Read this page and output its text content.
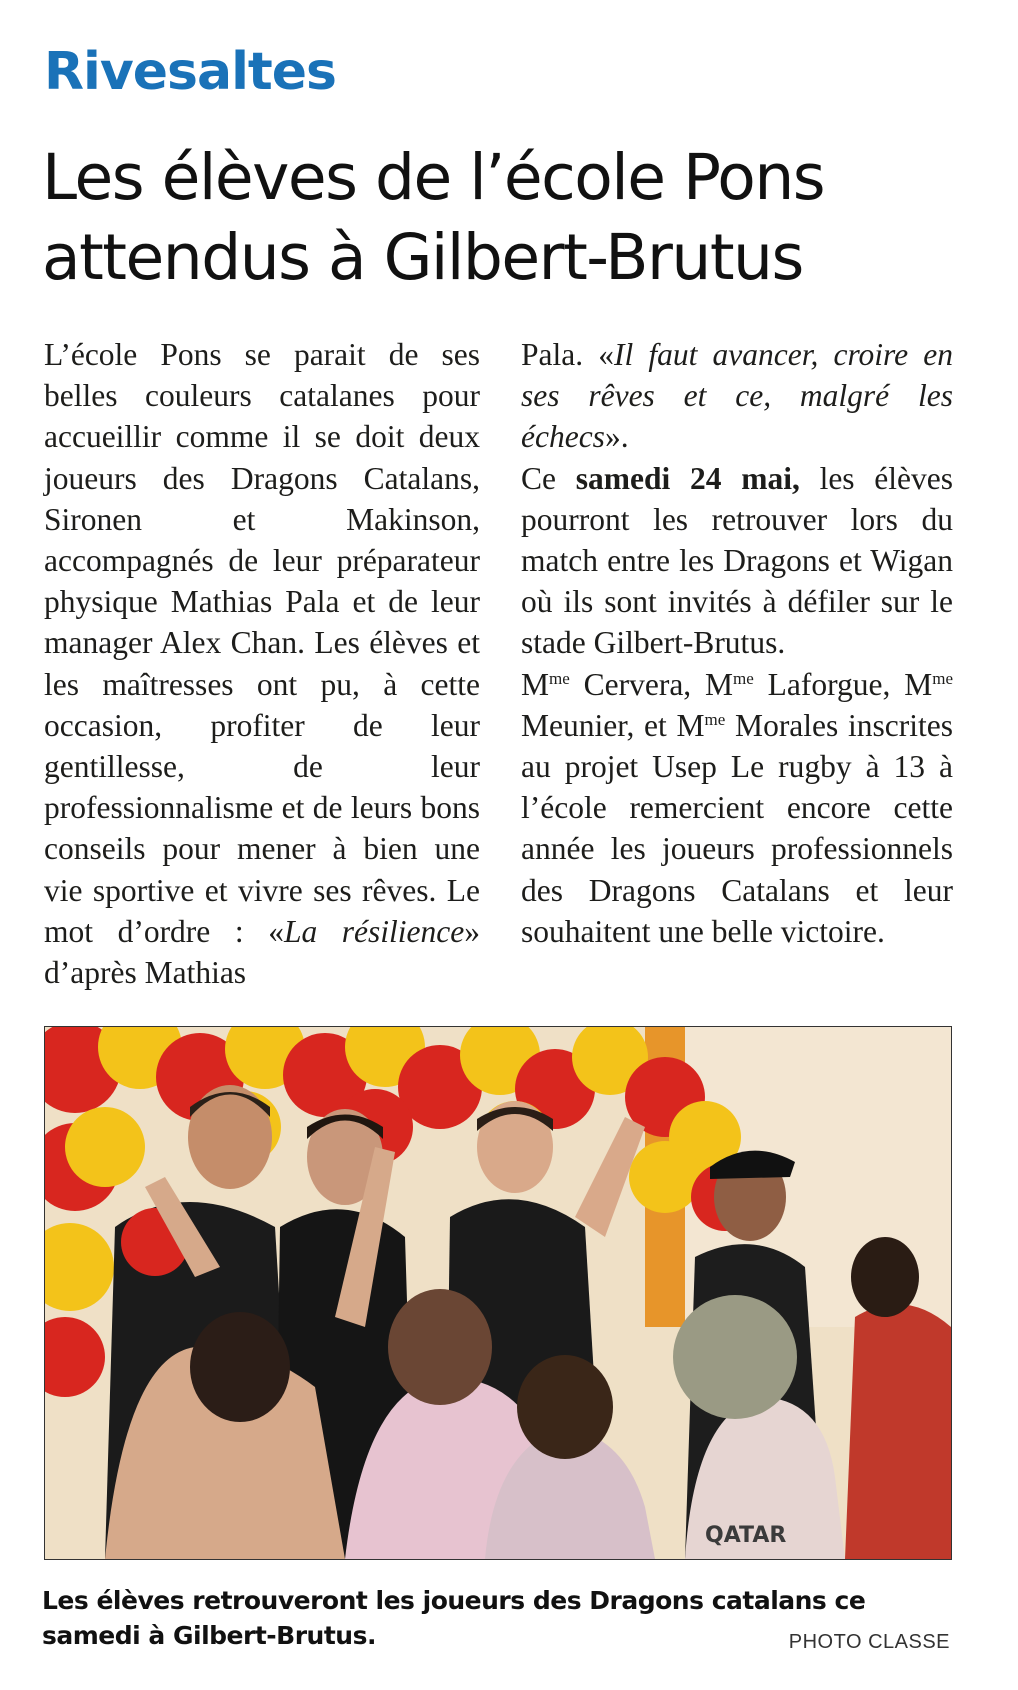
Rivesaltes
Les élèves de l’école Pons
attendus à Gilbert-Brutus

L’école Pons se parait de ses belles couleurs catalanes pour accueillir comme il se doit deux joueurs des Dragons Catalans, Sironen et Makinson, accompagnés de leur préparateur physique Mathias Pala et de leur manager Alex Chan. Les élèves et les maîtresses ont pu, à cette occasion, profiter de leur gentillesse, de leur professionnalisme et de leurs bons conseils pour mener à bien une vie sportive et vivre ses rêves. Le mot d’ordre : «La résilience» d’après Mathias

Pala. «Il faut avancer, croire en ses rêves et ce, malgré les échecs».

Ce samedi 24 mai, les élèves pourront les retrouver lors du match entre les Dragons et Wigan où ils sont invités à défiler sur le stade Gilbert-Brutus.
$M^{me}$ Cervera, $M^{me}$ Laforgue, $M^{me}$ Meunier, et $M^{me}$ Morales inscrites au projet Usep Le rugby à 13 à l’école remercient encore cette année les joueurs professionnels des Dragons Catalans et leur souhaitent une belle victoire.

QATAR

Les élèves retrouveront les joueurs des Dragons catalans ce
samedi à Gilbert-Brutus.	PHOTO CLASSE
